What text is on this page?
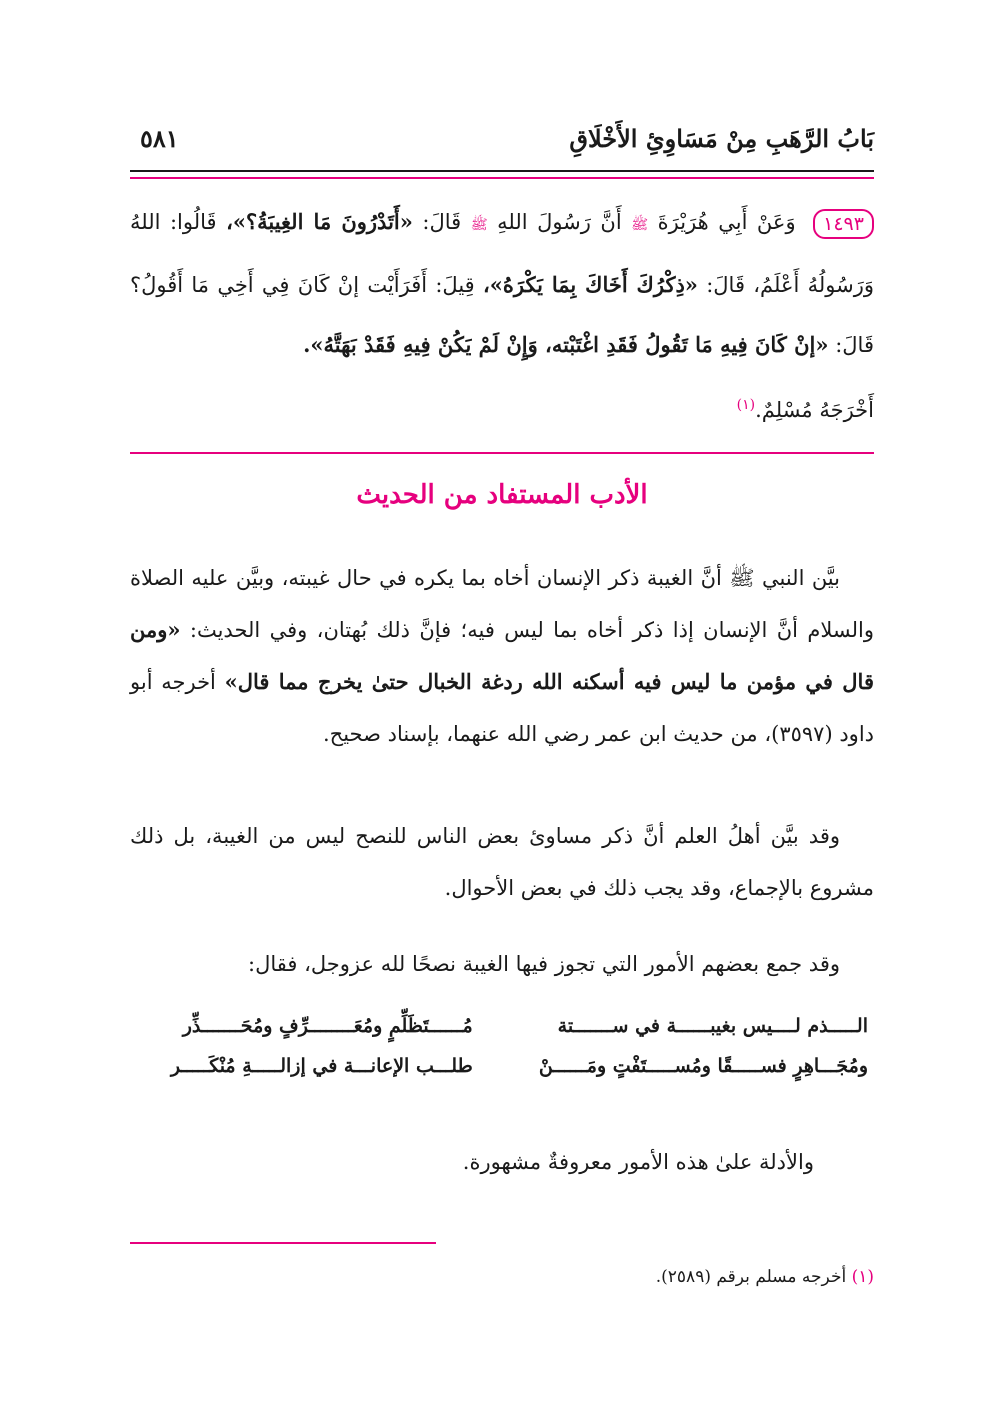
بَابُ الرَّهَبِ مِنْ مَسَاوِئِ الأَخْلَاقِ
٥٨١
١٤٩٣ وَعَنْ أَبِي هُرَيْرَةَ ﷺ أَنَّ رَسُولَ اللهِ ﷺ قَالَ: «أَتَدْرُونَ مَا الغِيبَةُ؟»، قَالُوا: اللهُ وَرَسُولُهُ أَعْلَمُ، قَالَ: «ذِكْرُكَ أَخَاكَ بِمَا يَكْرَهُ»، قِيلَ: أَفَرَأَيْت إنْ كَانَ فِي أَخِي مَا أَقُولُ؟ قَالَ: «إنْ كَانَ فِيهِ مَا تَقُولُ فَقَدِ اغْتَبْته، وَإِنْ لَمْ يَكُنْ فِيهِ فَقَدْ بَهَتَّهُ».
أَخْرَجَهُ مُسْلِمٌ.$^{(١)}$
الأدب المستفاد من الحديث
بيَّن النبي ﷺ أنَّ الغيبة ذكر الإنسان أخاه بما يكره في حال غيبته، وبيَّن عليه الصلاة والسلام أنَّ الإنسان إذا ذكر أخاه بما ليس فيه؛ فإنَّ ذلك بُهتان، وفي الحديث: «ومن قال في مؤمن ما ليس فيه أسكنه الله ردغة الخبال حتىٰ يخرج مما قال» أخرجه أبو داود (٣٥٩٧)، من حديث ابن عمر رضي الله عنهما، بإسناد صحيح.
وقد بيَّن أهلُ العلم أنَّ ذكر مساوئ بعض الناس للنصح ليس من الغيبة، بل ذلك مشروع بالإجماع، وقد يجب ذلك في بعض الأحوال.
وقد جمع بعضهم الأمور التي تجوز فيها الغيبة نصحًا لله عزوجل، فقال:
الـــــذم لــــيس بغيبــــــة في ســـــــتة
مُــــــتَظَلِّمٍ ومُعَــــــــرِّفٍ ومُحَـــــــذِّر
ومُجَـــاهِرٍ فســـــقًا ومُســـــتَفْتٍ ومَــــــنْ
طلـــب الإعانـــة في إزالـــــةِ مُنْكَـــــر
والأدلة علىٰ هذه الأمور معروفةٌ مشهورة.
(١) أخرجه مسلم برقم (٢٥٨٩).
